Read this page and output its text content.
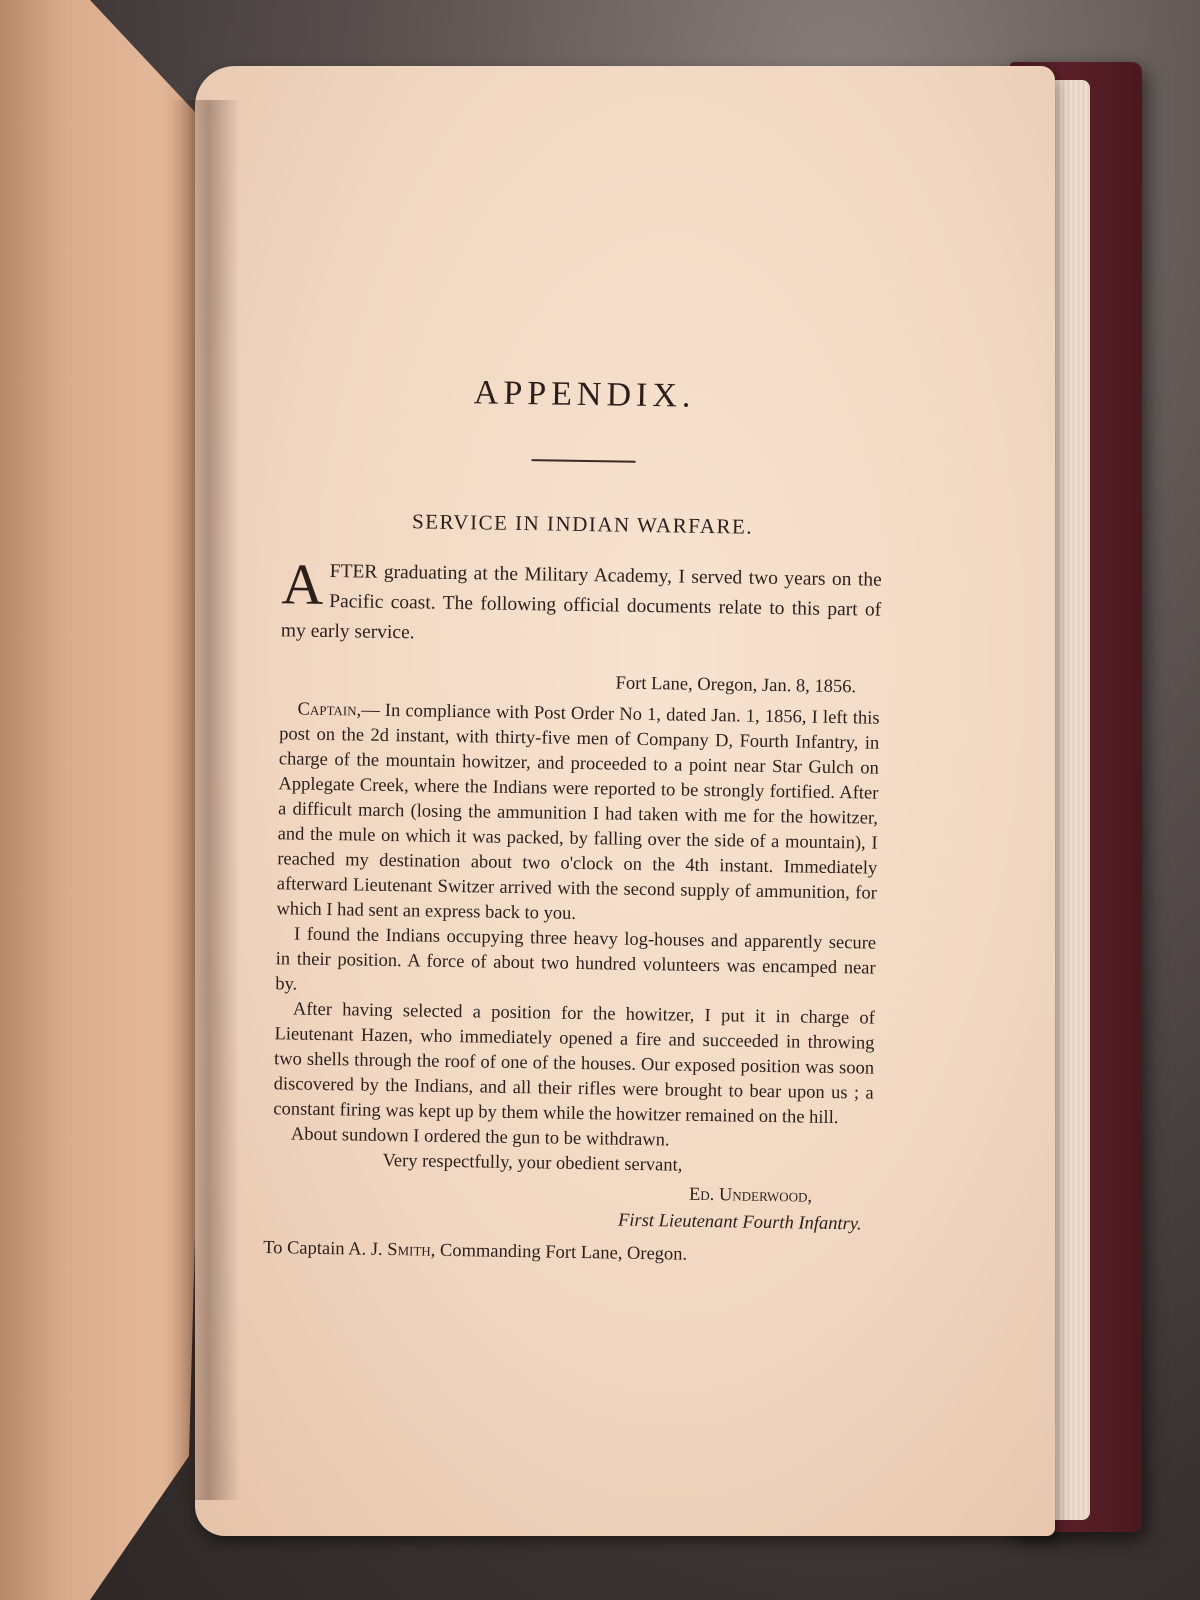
APPENDIX.
SERVICE IN INDIAN WARFARE.

AFTER graduating at the Military Academy, I served two years on the Pacific coast. The following official documents relate to this part of my early service.

Fort Lane, Oregon, Jan. 8, 1856.

Captain,— In compliance with Post Order No 1, dated Jan. 1, 1856, I left this post on the 2d instant, with thirty-five men of Company D, Fourth Infantry, in charge of the mountain howitzer, and proceeded to a point near Star Gulch on Applegate Creek, where the Indians were reported to be strongly fortified. After a difficult march (losing the ammunition I had taken with me for the howitzer, and the mule on which it was packed, by falling over the side of a mountain), I reached my destination about two o'clock on the 4th instant. Immediately afterward Lieutenant Switzer arrived with the second supply of ammunition, for which I had sent an express back to you.

I found the Indians occupying three heavy log-houses and apparently secure in their position. A force of about two hundred volunteers was encamped near by.

After having selected a position for the howitzer, I put it in charge of Lieutenant Hazen, who immediately opened a fire and succeeded in throwing two shells through the roof of one of the houses. Our exposed position was soon discovered by the Indians, and all their rifles were brought to bear upon us ; a constant firing was kept up by them while the howitzer remained on the hill.

About sundown I ordered the gun to be withdrawn.

Very respectfully, your obedient servant,
Ed. Underwood,
First Lieutenant Fourth Infantry.
To Captain A. J. Smith, Commanding Fort Lane, Oregon.
